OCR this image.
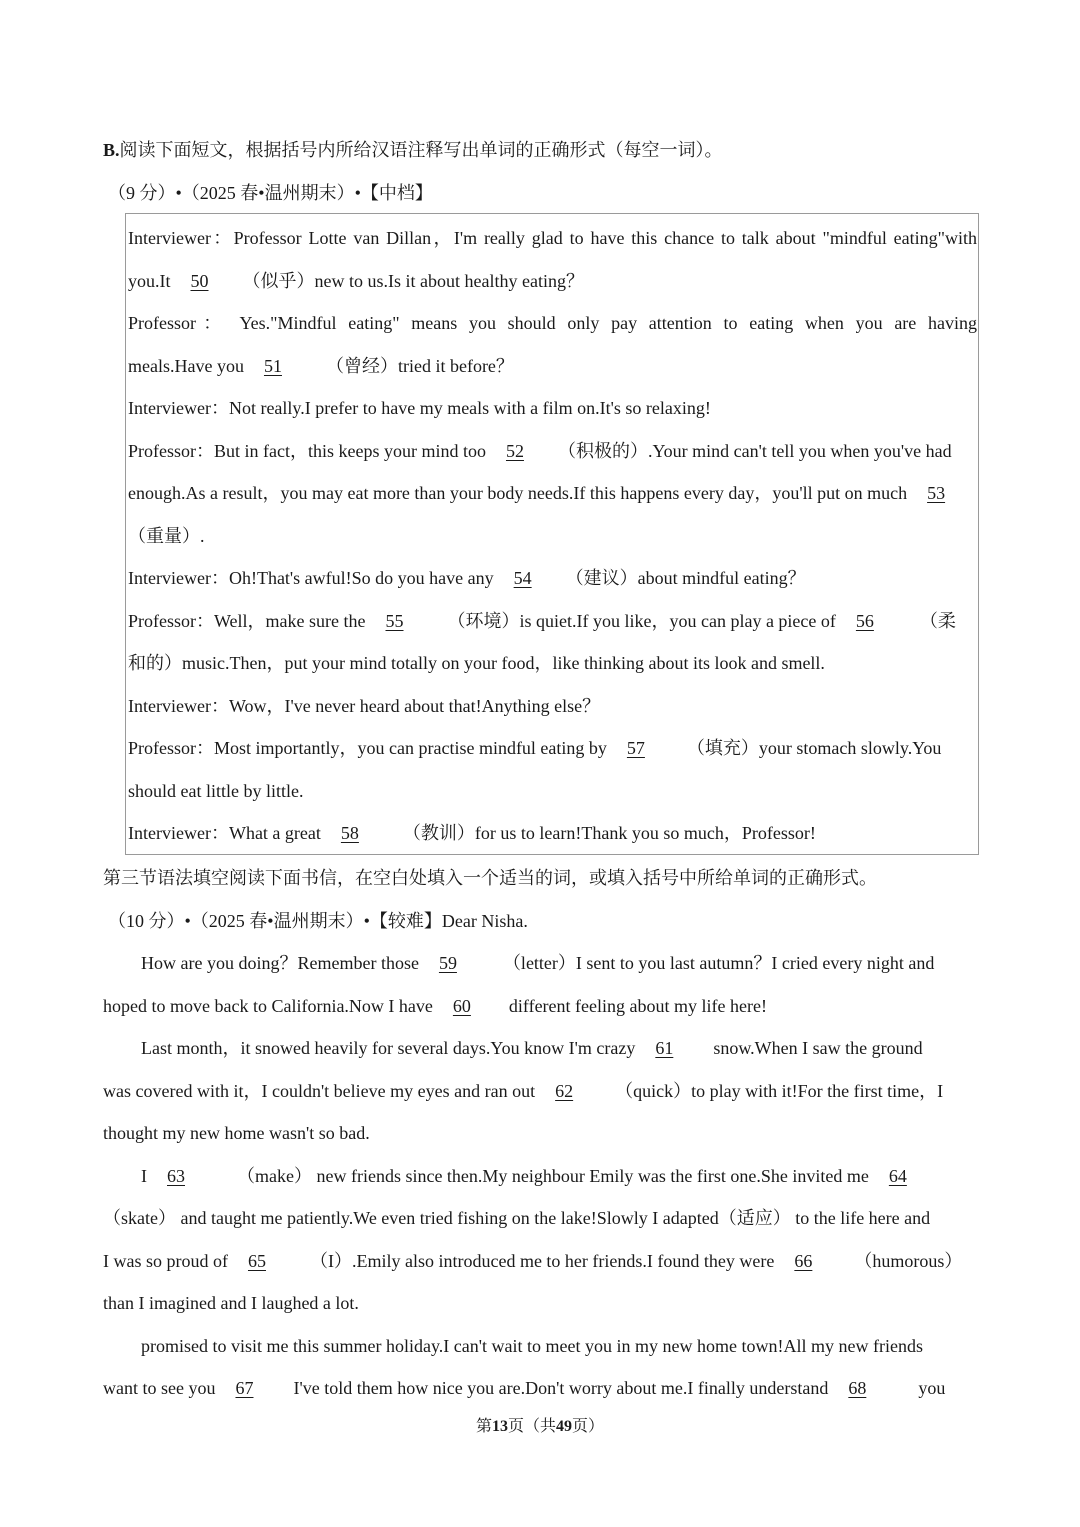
B.阅读下面短文，根据括号内所给汉语注释写出单词的正确形式（每空一词）。
（9 分）•（2025 春•温州期末）•【中档】
Interviewer：Professor Lotte van Dillan，I'm really glad to have this chance to talk about "mindful eating"with
you.It 50 （似乎）new to us.Is it about healthy eating？
Professor： Yes."Mindful eating" means you should only pay attention to eating when you are having
meals.Have you 51 （曾经）tried it before？
Interviewer：Not really.I prefer to have my meals with a film on.It's so relaxing!
Professor：But in fact，this keeps your mind too 52 （积极的）.Your mind can't tell you when you've had
enough.As a result，you may eat more than your body needs.If this happens every day，you'll put on much 53
（重量）.
Interviewer：Oh!That's awful!So do you have any 54 （建议）about mindful eating？
Professor：Well，make sure the 55 （环境）is quiet.If you like，you can play a piece of 56	（柔
和的）music.Then，put your mind totally on your food，like thinking about its look and smell.
Interviewer：Wow，I've never heard about that!Anything else？
Professor：Most importantly，you can practise mindful eating by 57 （填充）your stomach slowly.You
should eat little by little.
Interviewer：What a great 58 （教训）for us to learn!Thank you so much，Professor!
第三节语法填空阅读下面书信，在空白处填入一个适当的词，或填入括号中所给单词的正确形式。
（10 分）•（2025 春•温州期末）•【较难】Dear Nisha.
How are you doing？Remember those 59	（letter）I sent to you last autumn？I cried every night and
hoped to move back to California.Now I have 60 different feeling about my life here!
Last month，it snowed heavily for several days.You know I'm crazy 61 snow.When I saw the ground
was covered with it，I couldn't believe my eyes and ran out 62 （quick）to play with it!For the first time，I
thought my new home wasn't so bad.
I 63	（make） new friends since then.My neighbour Emily was the first one.She invited me 64
（skate） and taught me patiently.We even tried fishing on the lake!Slowly I adapted（适应） to the life here and
I was so proud of 65 （I）.Emily also introduced me to her friends.I found they were 66 （humorous）
than I imagined and I laughed a lot.
promised to visit me this summer holiday.I can't wait to meet you in my new home town!All my new friends
want to see you 67 I've told them how nice you are.Don't worry about me.I finally understand 68	you
第13页（共49页）
